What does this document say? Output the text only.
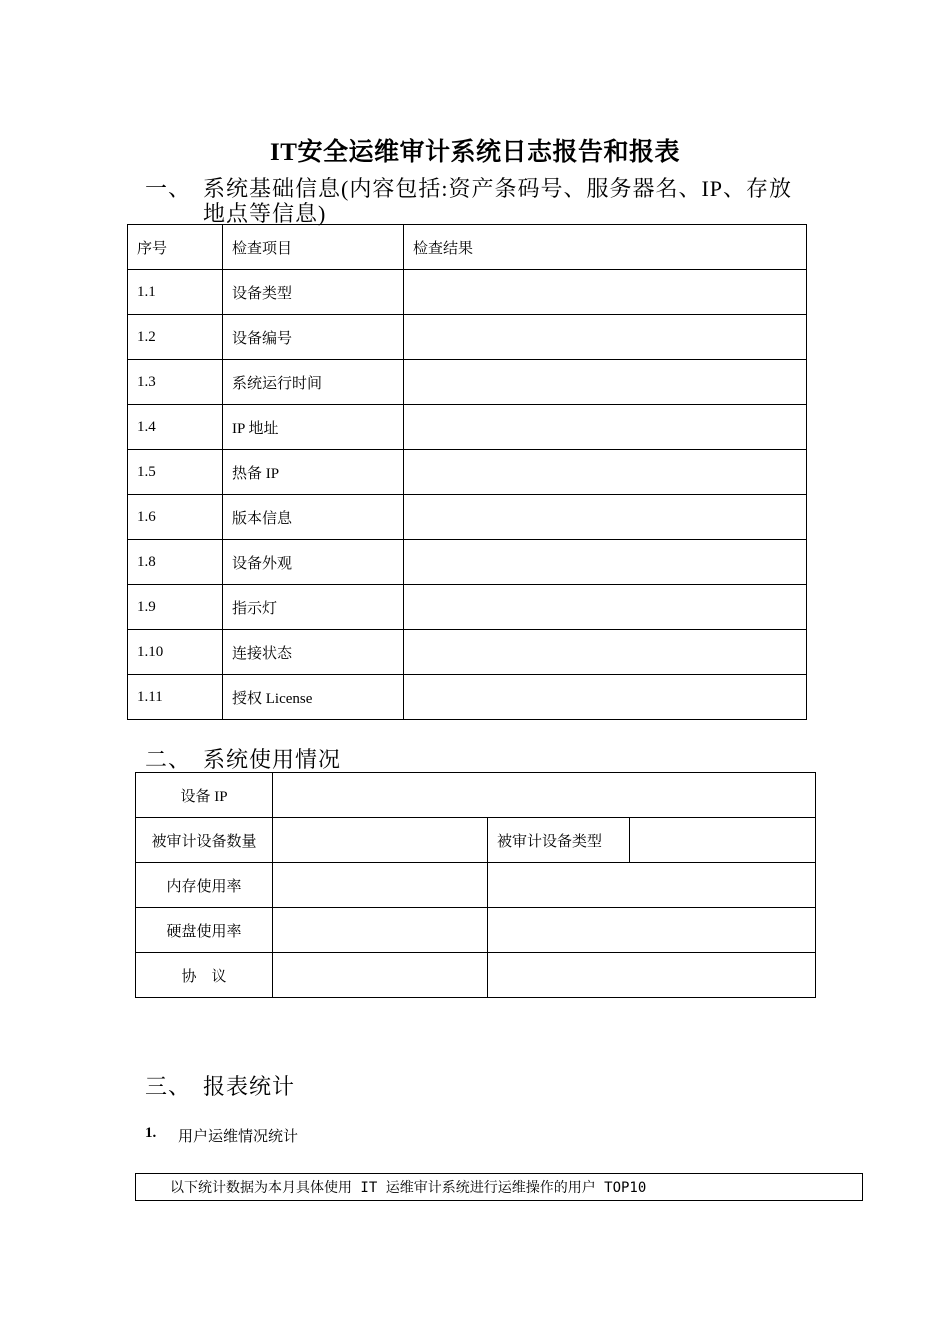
IT安全运维审计系统日志报告和报表
一、 系统基础信息(内容包括:资产条码号、服务器名、IP、存放
地点等信息)
序号	检查项目	检查结果
1.1	设备类型	
1.2	设备编号	
1.3	系统运行时间	
1.4	IP 地址	
1.5	热备 IP	
1.6	版本信息	
1.8	设备外观	
1.9	指示灯	
1.10	连接状态	
1.11	授权 License	
二、 系统使用情况
设备 IP			
被审计设备数量		被审计设备类型	
内存使用率			
硬盘使用率			
协　议			
三、 报表统计
1. 用户运维情况统计
以下统计数据为本月具体使用 IT 运维审计系统进行运维操作的用户 TOP10
